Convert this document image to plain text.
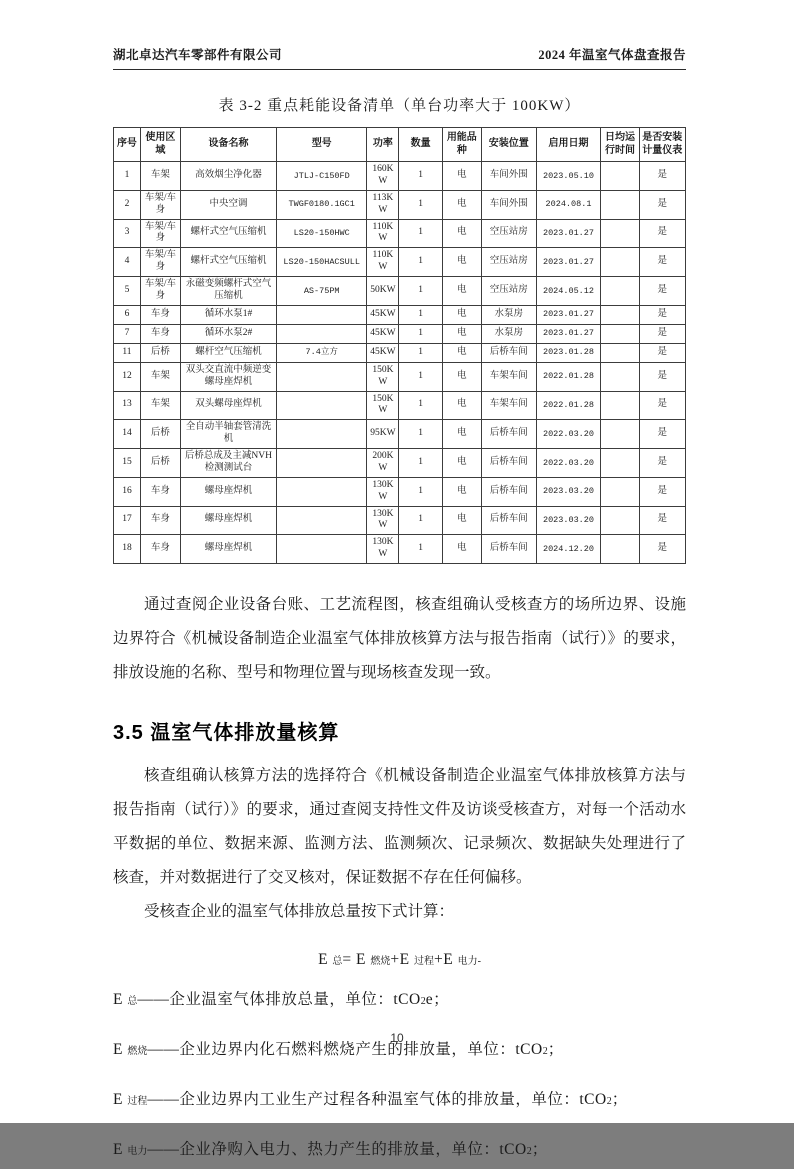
湖北卓达汽车零部件有限公司	2024 年温室气体盘查报告
表 3-2 重点耗能设备清单（单台功率大于 100KW）
序号	使用区域	设备名称	型号	功率	数量	用能品种	安装位置	启用日期	日均运行时间	是否安装计量仪表
1	车架	高效烟尘净化器	JTLJ-C150FD	160KW	1	电	车间外围	2023.05.10		是
2	车架/车身	中央空调	TWGF0180.1GC1	113KW	1	电	车间外围	2024.08.1		是
3	车架/车身	螺杆式空气压缩机	LS20-150HWC	110KW	1	电	空压站房	2023.01.27		是
4	车架/车身	螺杆式空气压缩机	LS20-150HACSULL	110KW	1	电	空压站房	2023.01.27		是
5	车架/车身	永磁变频螺杆式空气压缩机	AS-75PM	50KW	1	电	空压站房	2024.05.12		是
6	车身	循环水泵1#		45KW	1	电	水泵房	2023.01.27		是
7	车身	循环水泵2#		45KW	1	电	水泵房	2023.01.27		是
11	后桥	螺杆空气压缩机	7.4立方	45KW	1	电	后桥车间	2023.01.28		是
12	车架	双头交直流中频逆变螺母座焊机		150KW	1	电	车架车间	2022.01.28		是
13	车架	双头螺母座焊机		150KW	1	电	车架车间	2022.01.28		是
14	后桥	全自动半轴套管清洗机		95KW	1	电	后桥车间	2022.03.20		是
15	后桥	后桥总成及主减NVH检测测试台		200KW	1	电	后桥车间	2022.03.20		是
16	车身	螺母座焊机		130KW	1	电	后桥车间	2023.03.20		是
17	车身	螺母座焊机		130KW	1	电	后桥车间	2023.03.20		是
18	车身	螺母座焊机		130KW	1	电	后桥车间	2024.12.20		是

通过查阅企业设备台账、工艺流程图，核查组确认受核查方的场所边界、设施边界符合《机械设备制造企业温室气体排放核算方法与报告指南（试行）》的要求，排放设施的名称、型号和物理位置与现场核查发现一致。

3.5 温室气体排放量核算

核查组确认核算方法的选择符合《机械设备制造企业温室气体排放核算方法与报告指南（试行）》的要求，通过查阅支持性文件及访谈受核查方，对每一个活动水平数据的单位、数据来源、监测方法、监测频次、记录频次、数据缺失处理进行了核查，并对数据进行了交叉核对，保证数据不存在任何偏移。

受核查企业的温室气体排放总量按下式计算：

E 总= E 燃烧+E 过程+E 电力-
E 总——企业温室气体排放总量，单位：tCO2e；
E 燃烧——企业边界内化石燃料燃烧产生的排放量，单位：tCO2；
E 过程——企业边界内工业生产过程各种温室气体的排放量，单位：tCO2；
E 电力——企业净购入电力、热力产生的排放量，单位：tCO2；
10
